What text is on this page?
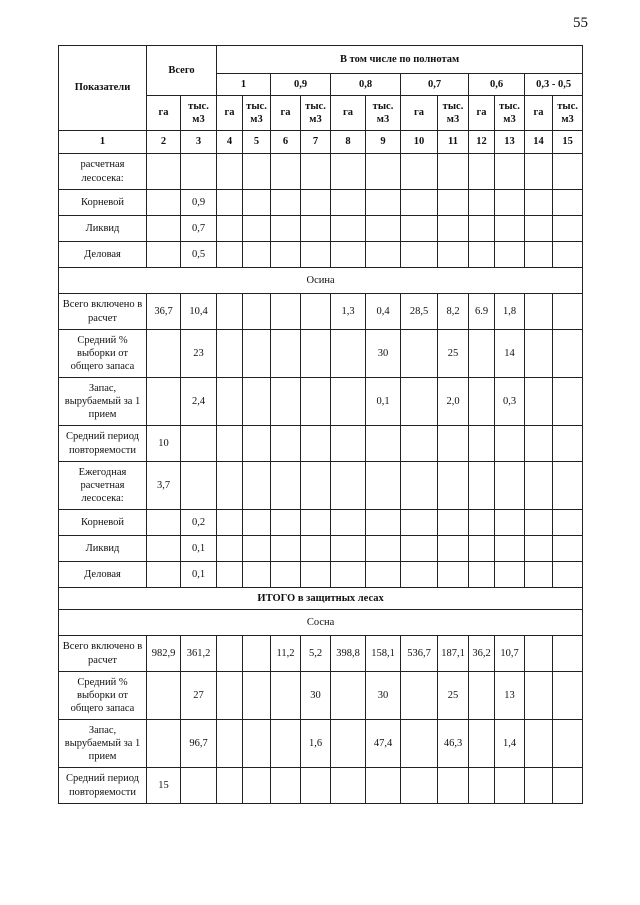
55
Показатели	Всего		В том числе по полнотам											
			1		0,9		0,8		0,7		0,6		0,3 - 0,5	
	га	тыс. м3	га	тыс. м3	га	тыс. м3	га	тыс. м3	га	тыс. м3	га	тыс. м3	га	тыс. м3
1	2	3	4	5	6	7	8	9	10	11	12	13	14	15
расчетная лесосека:														
Корневой		0,9												
Ликвид		0,7												
Деловая		0,5												
Осина														
Всего включено в расчет	36,7	10,4					1,3	0,4	28,5	8,2	6.9	1,8		
Средний % выборки от общего запаса		23						30		25		14		
Запас, вырубаемый за 1 прием		2,4						0,1		2,0		0,3		
Средний период повторяемости	10													
Ежегодная расчетная лесосека:	3,7													
Корневой		0,2												
Ликвид		0,1												
Деловая		0,1												
ИТОГО в защитных лесах														
Сосна														
Всего включено в расчет	982,9	361,2			11,2	5,2	398,8	158,1	536,7	187,1	36,2	10,7		
Средний % выборки от общего запаса		27				30		30		25		13		
Запас, вырубаемый за 1 прием		96,7				1,6		47,4		46,3		1,4		
Средний период повторяемости	15													
